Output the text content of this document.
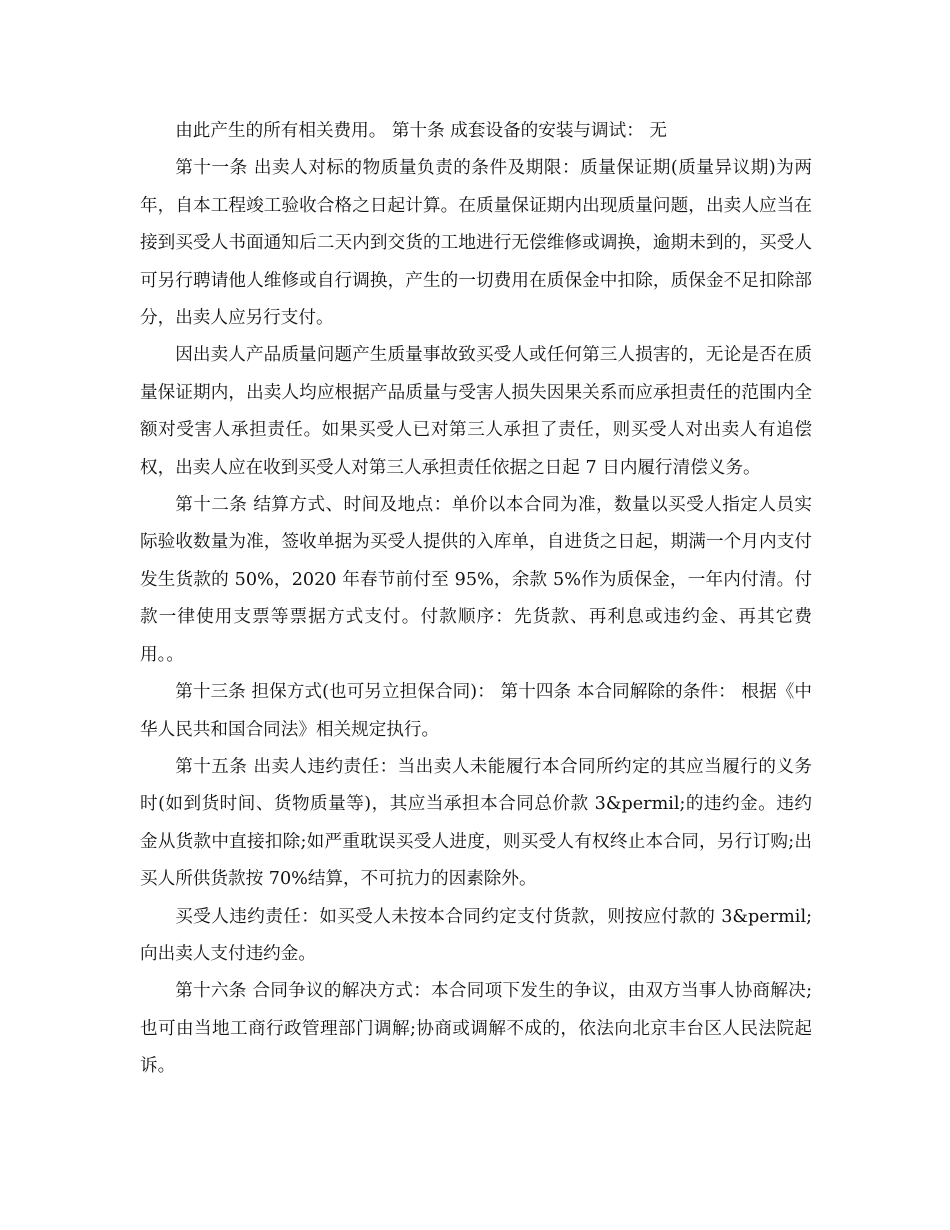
由此产生的所有相关费用。 第十条 成套设备的安装与调试： 无

第十一条 出卖人对标的物质量负责的条件及期限：质量保证期(质量异议期)为两年，自本工程竣工验收合格之日起计算。在质量保证期内出现质量问题，出卖人应当在接到买受人书面通知后二天内到交货的工地进行无偿维修或调换，逾期未到的，买受人可另行聘请他人维修或自行调换，产生的一切费用在质保金中扣除，质保金不足扣除部分，出卖人应另行支付。

因出卖人产品质量问题产生质量事故致买受人或任何第三人损害的，无论是否在质量保证期内，出卖人均应根据产品质量与受害人损失因果关系而应承担责任的范围内全额对受害人承担责任。如果买受人已对第三人承担了责任，则买受人对出卖人有追偿权，出卖人应在收到买受人对第三人承担责任依据之日起 7 日内履行清偿义务。

第十二条 结算方式、时间及地点：单价以本合同为准，数量以买受人指定人员实际验收数量为准，签收单据为买受人提供的入库单，自进货之日起，期满一个月内支付发生货款的 50%，2020 年春节前付至 95%，余款 5%作为质保金，一年内付清。付款一律使用支票等票据方式支付。付款顺序：先货款、再利息或违约金、再其它费用。。

第十三条 担保方式(也可另立担保合同)： 第十四条 本合同解除的条件： 根据《中华人民共和国合同法》相关规定执行。

第十五条 出卖人违约责任：当出卖人未能履行本合同所约定的其应当履行的义务时(如到货时间、货物质量等)，其应当承担本合同总价款 3&permil;的违约金。违约金从货款中直接扣除;如严重耽误买受人进度，则买受人有权终止本合同，另行订购;出买人所供货款按 70%结算，不可抗力的因素除外。

买受人违约责任：如买受人未按本合同约定支付货款，则按应付款的 3&permil;向出卖人支付违约金。

第十六条 合同争议的解决方式：本合同项下发生的争议，由双方当事人协商解决;也可由当地工商行政管理部门调解;协商或调解不成的，依法向北京丰台区人民法院起诉。
